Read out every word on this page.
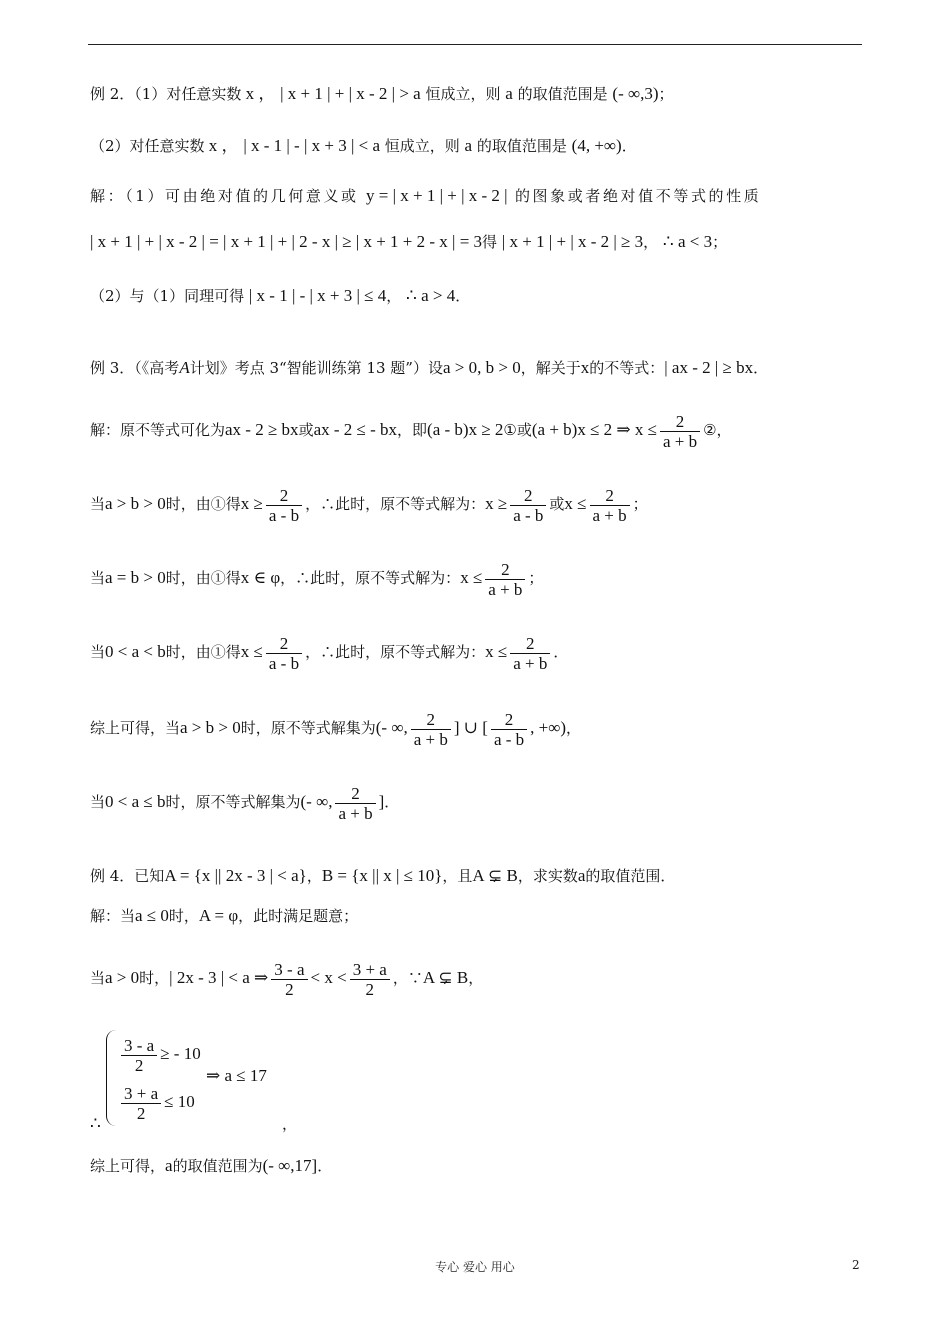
例 2．（1）对任意实数 x ， | x + 1 | + | x - 2 | > a 恒成立，则 a 的取值范围是 (- ∞,3)；
（2）对任意实数 x ， | x - 1 | - | x + 3 | < a 恒成立，则 a 的取值范围是 (4, +∞)．
解：（1）可由绝对值的几何意义或 y = | x + 1 | + | x - 2 | 的图象或者绝对值不等式的性质
| x + 1 | + | x - 2 | = | x + 1 | + | 2 - x | ≥ | x + 1 + 2 - x | = 3得 | x + 1 | + | x - 2 | ≥ 3， ∴ a < 3；
（2）与（1）同理可得 | x - 1 | - | x + 3 | ≤ 4， ∴ a > 4．
例 3．（《高考A计划》考点 3“智能训练第 13 题”）设a > 0, b > 0，解关于x的不等式：| ax - 2 | ≥ bx．
解：原不等式可化为ax - 2 ≥ bx或ax - 2 ≤ - bx，即(a - b)x ≥ 2①或(a + b)x ≤ 2 ⇒ $x \le \frac{2}{a + b}$ ②，
当a > b > 0时，由①得$x \ge \frac{2}{a - b}$ ，∴此时，原不等式解为：$x \ge \frac{2}{a - b}$ 或$x \le \frac{2}{a + b}$ ；
当a = b > 0时，由①得x ∈ φ，∴此时，原不等式解为：$x \le \frac{2}{a + b}$ ；
当0 < a < b时，由①得$x \le \frac{2}{a - b}$ ，∴此时，原不等式解为：$x \le \frac{2}{a + b}$ ．
综上可得，当a > b > 0时，原不等式解集为(- ∞, $\frac{2}{a + b}$ ] ∪ [ $\frac{2}{a - b}$ , +∞)，
当0 < a ≤ b时，原不等式解集为(- ∞, $\frac{2}{a + b}$ ]．
例 4．已知A = {x || 2x - 3 | < a}，B = {x || x | ≤ 10}，且A ⊊ B，求实数a的取值范围．
解：当a ≤ 0时，A = φ，此时满足题意；
当a > 0时，| 2x - 3 | < a ⇒ $\frac{3 - a}{2} < x < \frac{3 + a}{2}$ ，∵A ⊊ B，
$\frac{3 - a}{2}$ ≥ - 10
⇒ a ≤ 17
$\frac{3 + a}{2} \le 10$
∴	，
综上可得，a的取值范围为(- ∞,17]．
专心 爱心 用心	2
